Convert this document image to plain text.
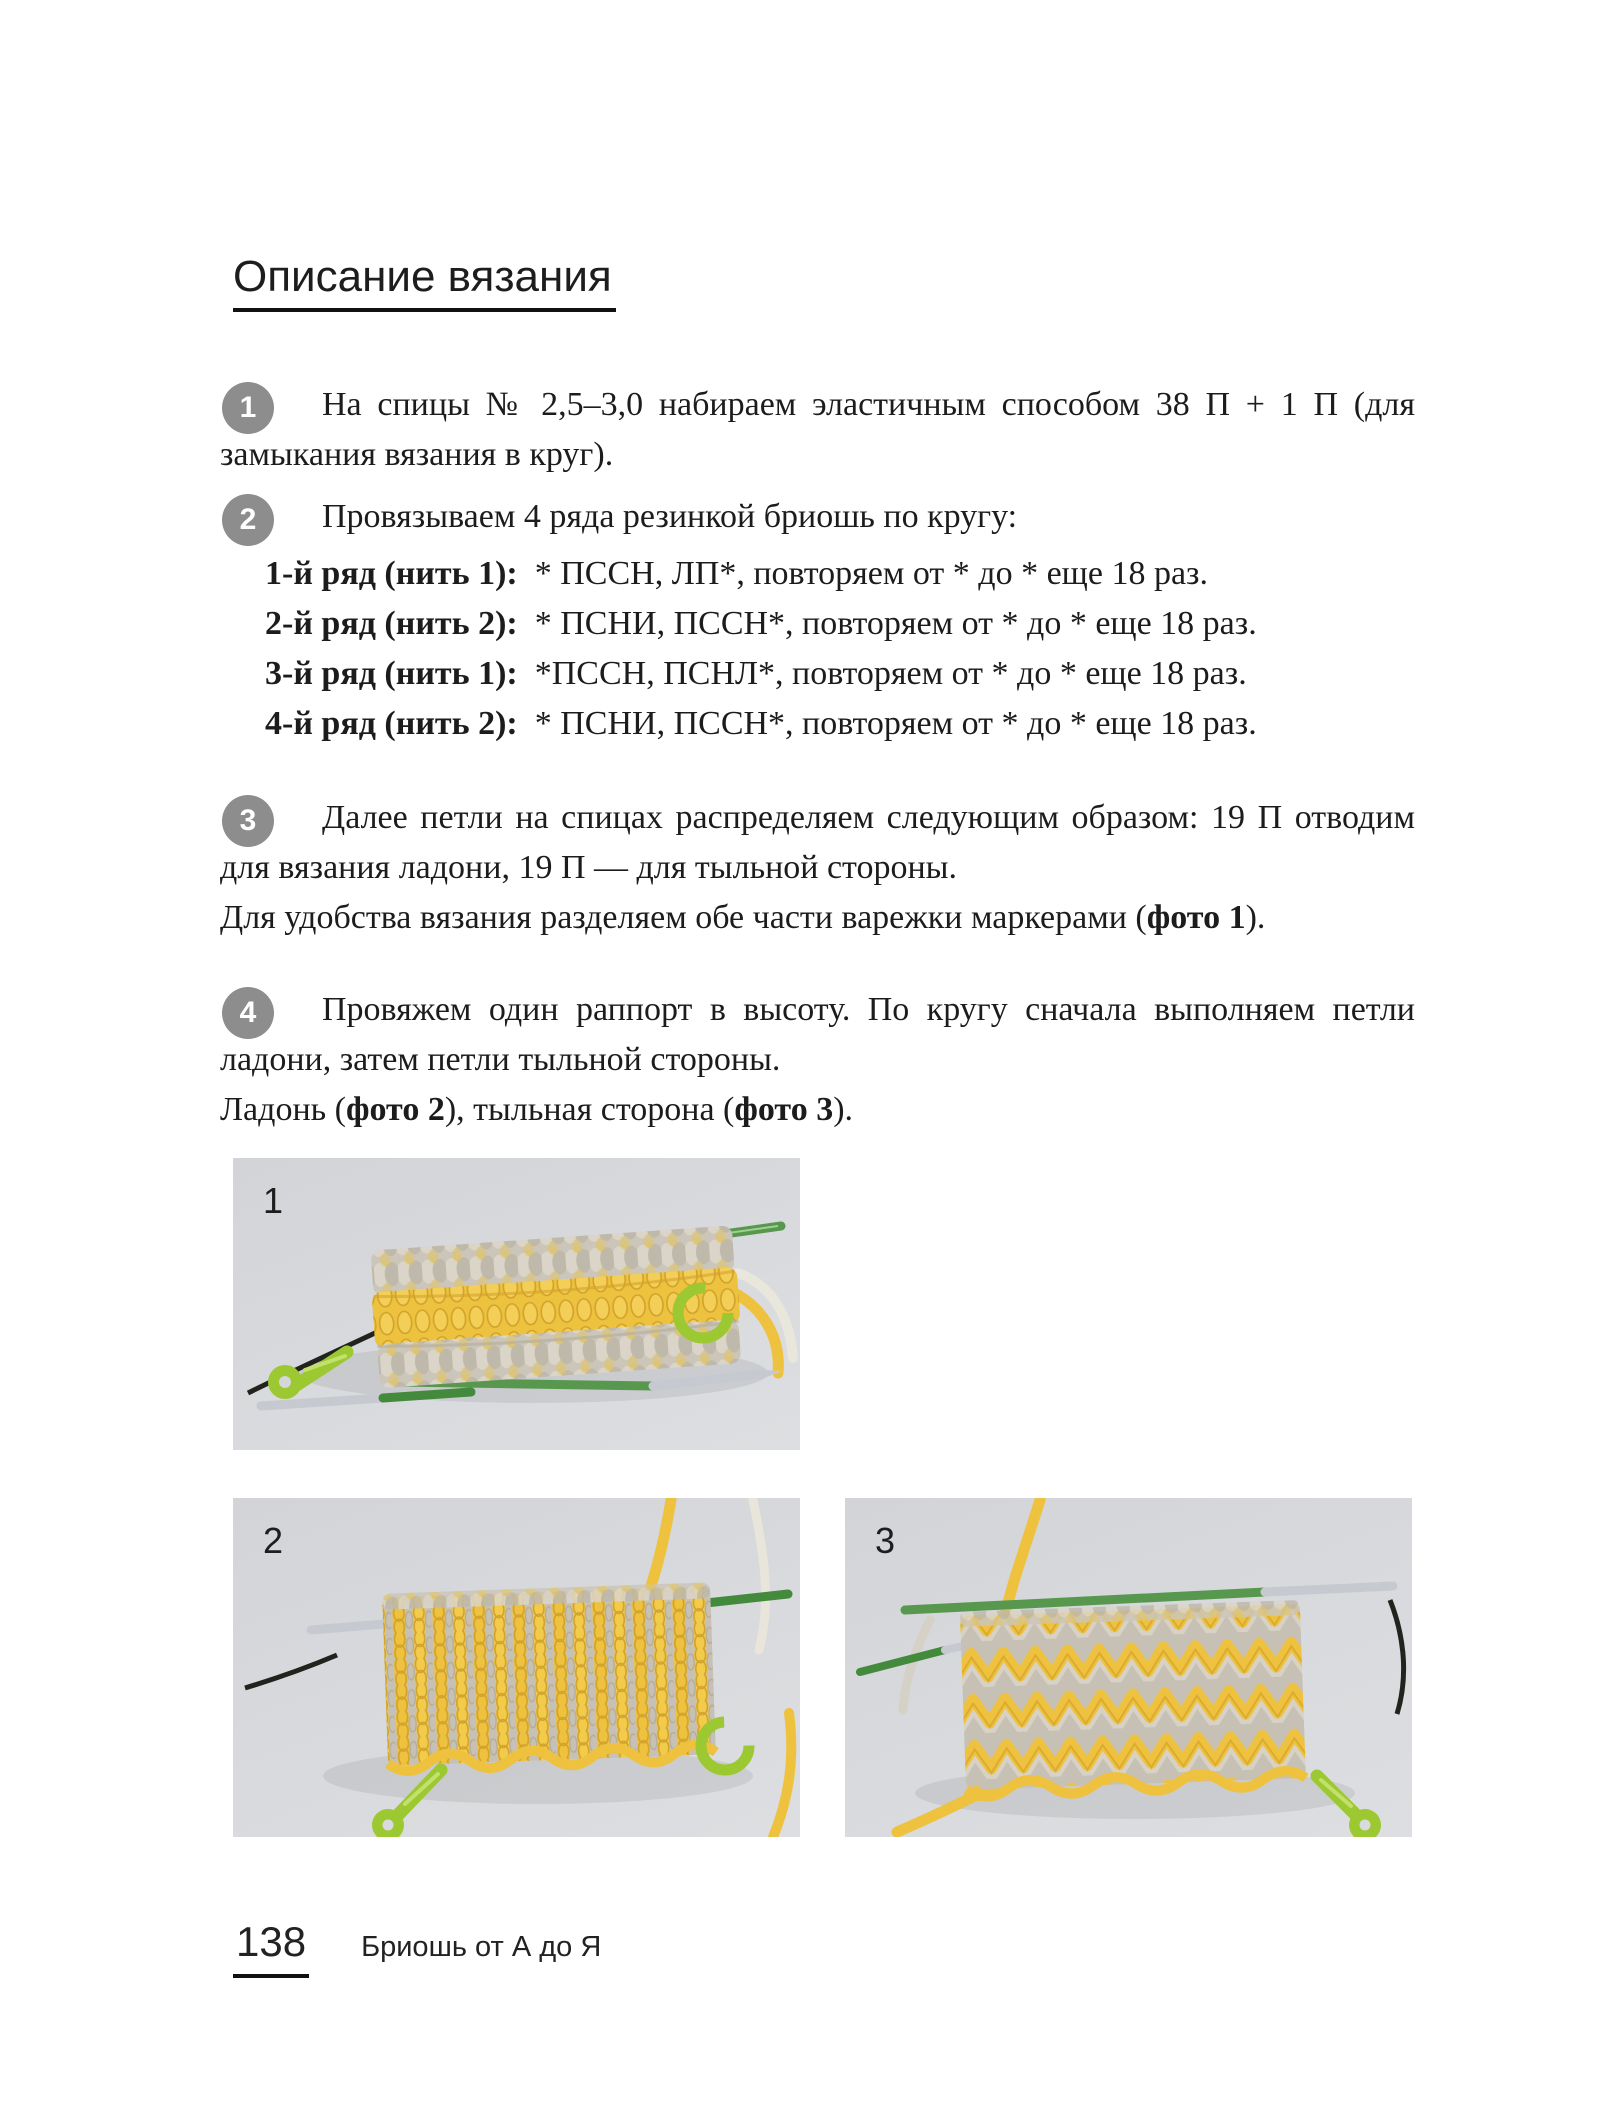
Описание вязания
1	На спицы № 2,5–3,0 набираем эластичным способом 38 П + 1 П (для замыкания вязания в круг).

2	Провязываем 4 ряда резинкой бриошь по кругу:

1-й ряд (нить 1): * ПССН, ЛП*, повторяем от * до * еще 18 раз.
2-й ряд (нить 2): * ПСНИ, ПССН*, повторяем от * до * еще 18 раз.
3-й ряд (нить 1): *ПССН, ПСНЛ*, повторяем от * до * еще 18 раз.
4-й ряд (нить 2): * ПСНИ, ПССН*, повторяем от * до * еще 18 раз.
3	Далее петли на спицах распределяем следующим образом: 19 П отводим для вязания ладони, 19 П — для тыльной стороны.

Для удобства вязания разделяем обе части варежки маркерами (фото 1).

4	Провяжем один раппорт в высоту. По кругу сначала выполняем петли ладони, затем петли тыльной стороны.

Ладонь (фото 2), тыльная сторона (фото 3).

1
2	3
138 Бриошь от А до Я
